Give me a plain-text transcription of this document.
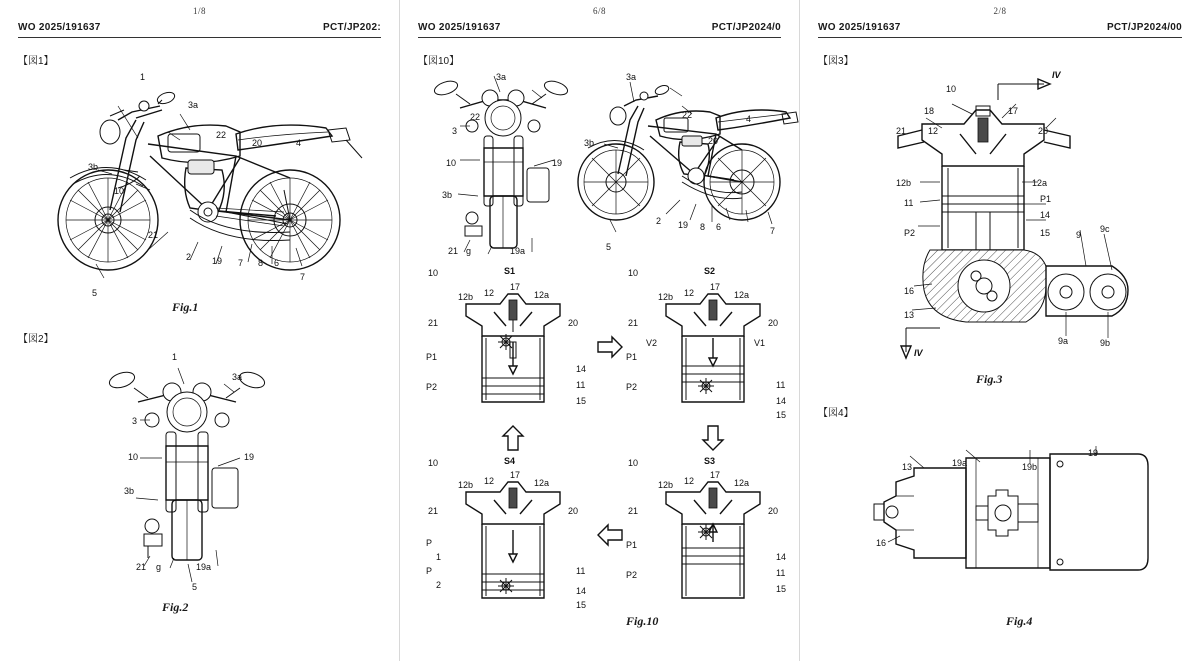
1/8
WO 2025/191637	PCT/JP202:
【図1】
1
3a
22
20	4
3b
10
21
2 19 7
5
8 6
7
Fig.1
【図2】
1
3a
3
10	19
3b
21 g	19a
5
Fig.2
6/8
WO 2025/191637	PCT/JP2024/0
【図10】
3a
22
3
10	19
3b
21 g	19a
3a
22	4
20
3b
2 19 8 6
5
7
10	S1
12b 12
17
12a
21	20
P1
P2
14
11
15
10	S2
12b 12
17
12a
21	20
V2	V1
P1
P2	11
14
15
10	S4
12b 12
17
12a
21	20
P
1
P
2
11
14
15
10	S3
12b 12
17
12a
21	20
P1
P2
14
11
15
Fig.10
2/8
WO 2025/191637	PCT/JP2024/00
【図3】
10
IV
18	17
21 12	20
12b	12a
P1
11
14
P2	15	9
9c
16
13
9a	9b
IV
Fig.3
【図4】
13	19a	19b
19
16
Fig.4
